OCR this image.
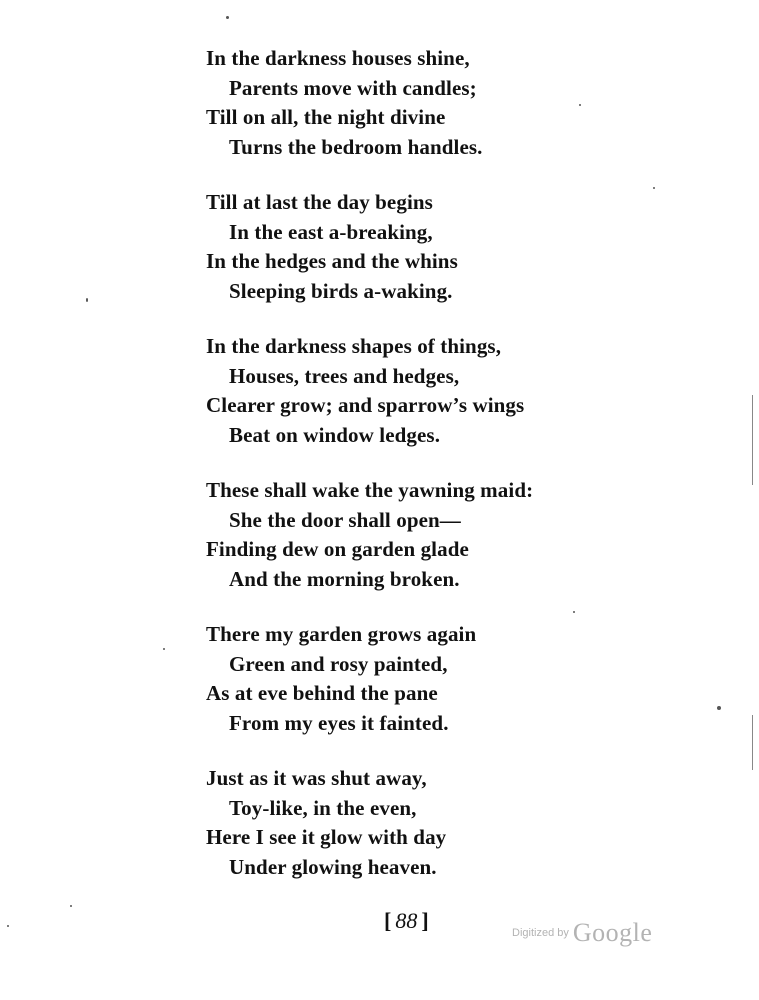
In the darkness houses shine,
Parents move with candles;
Till on all, the night divine
Turns the bedroom handles.
Till at last the day begins
In the east a-breaking,
In the hedges and the whins
Sleeping birds a-waking.
In the darkness shapes of things,
Houses, trees and hedges,
Clearer grow; and sparrow’s wings
Beat on window ledges.
These shall wake the yawning maid:
She the door shall open—
Finding dew on garden glade
And the morning broken.
There my garden grows again
Green and rosy painted,
As at eve behind the pane
From my eyes it fainted.
Just as it was shut away,
Toy-like, in the even,
Here I see it glow with day
Under glowing heaven.
[ 88 ]	Digitized by Google
